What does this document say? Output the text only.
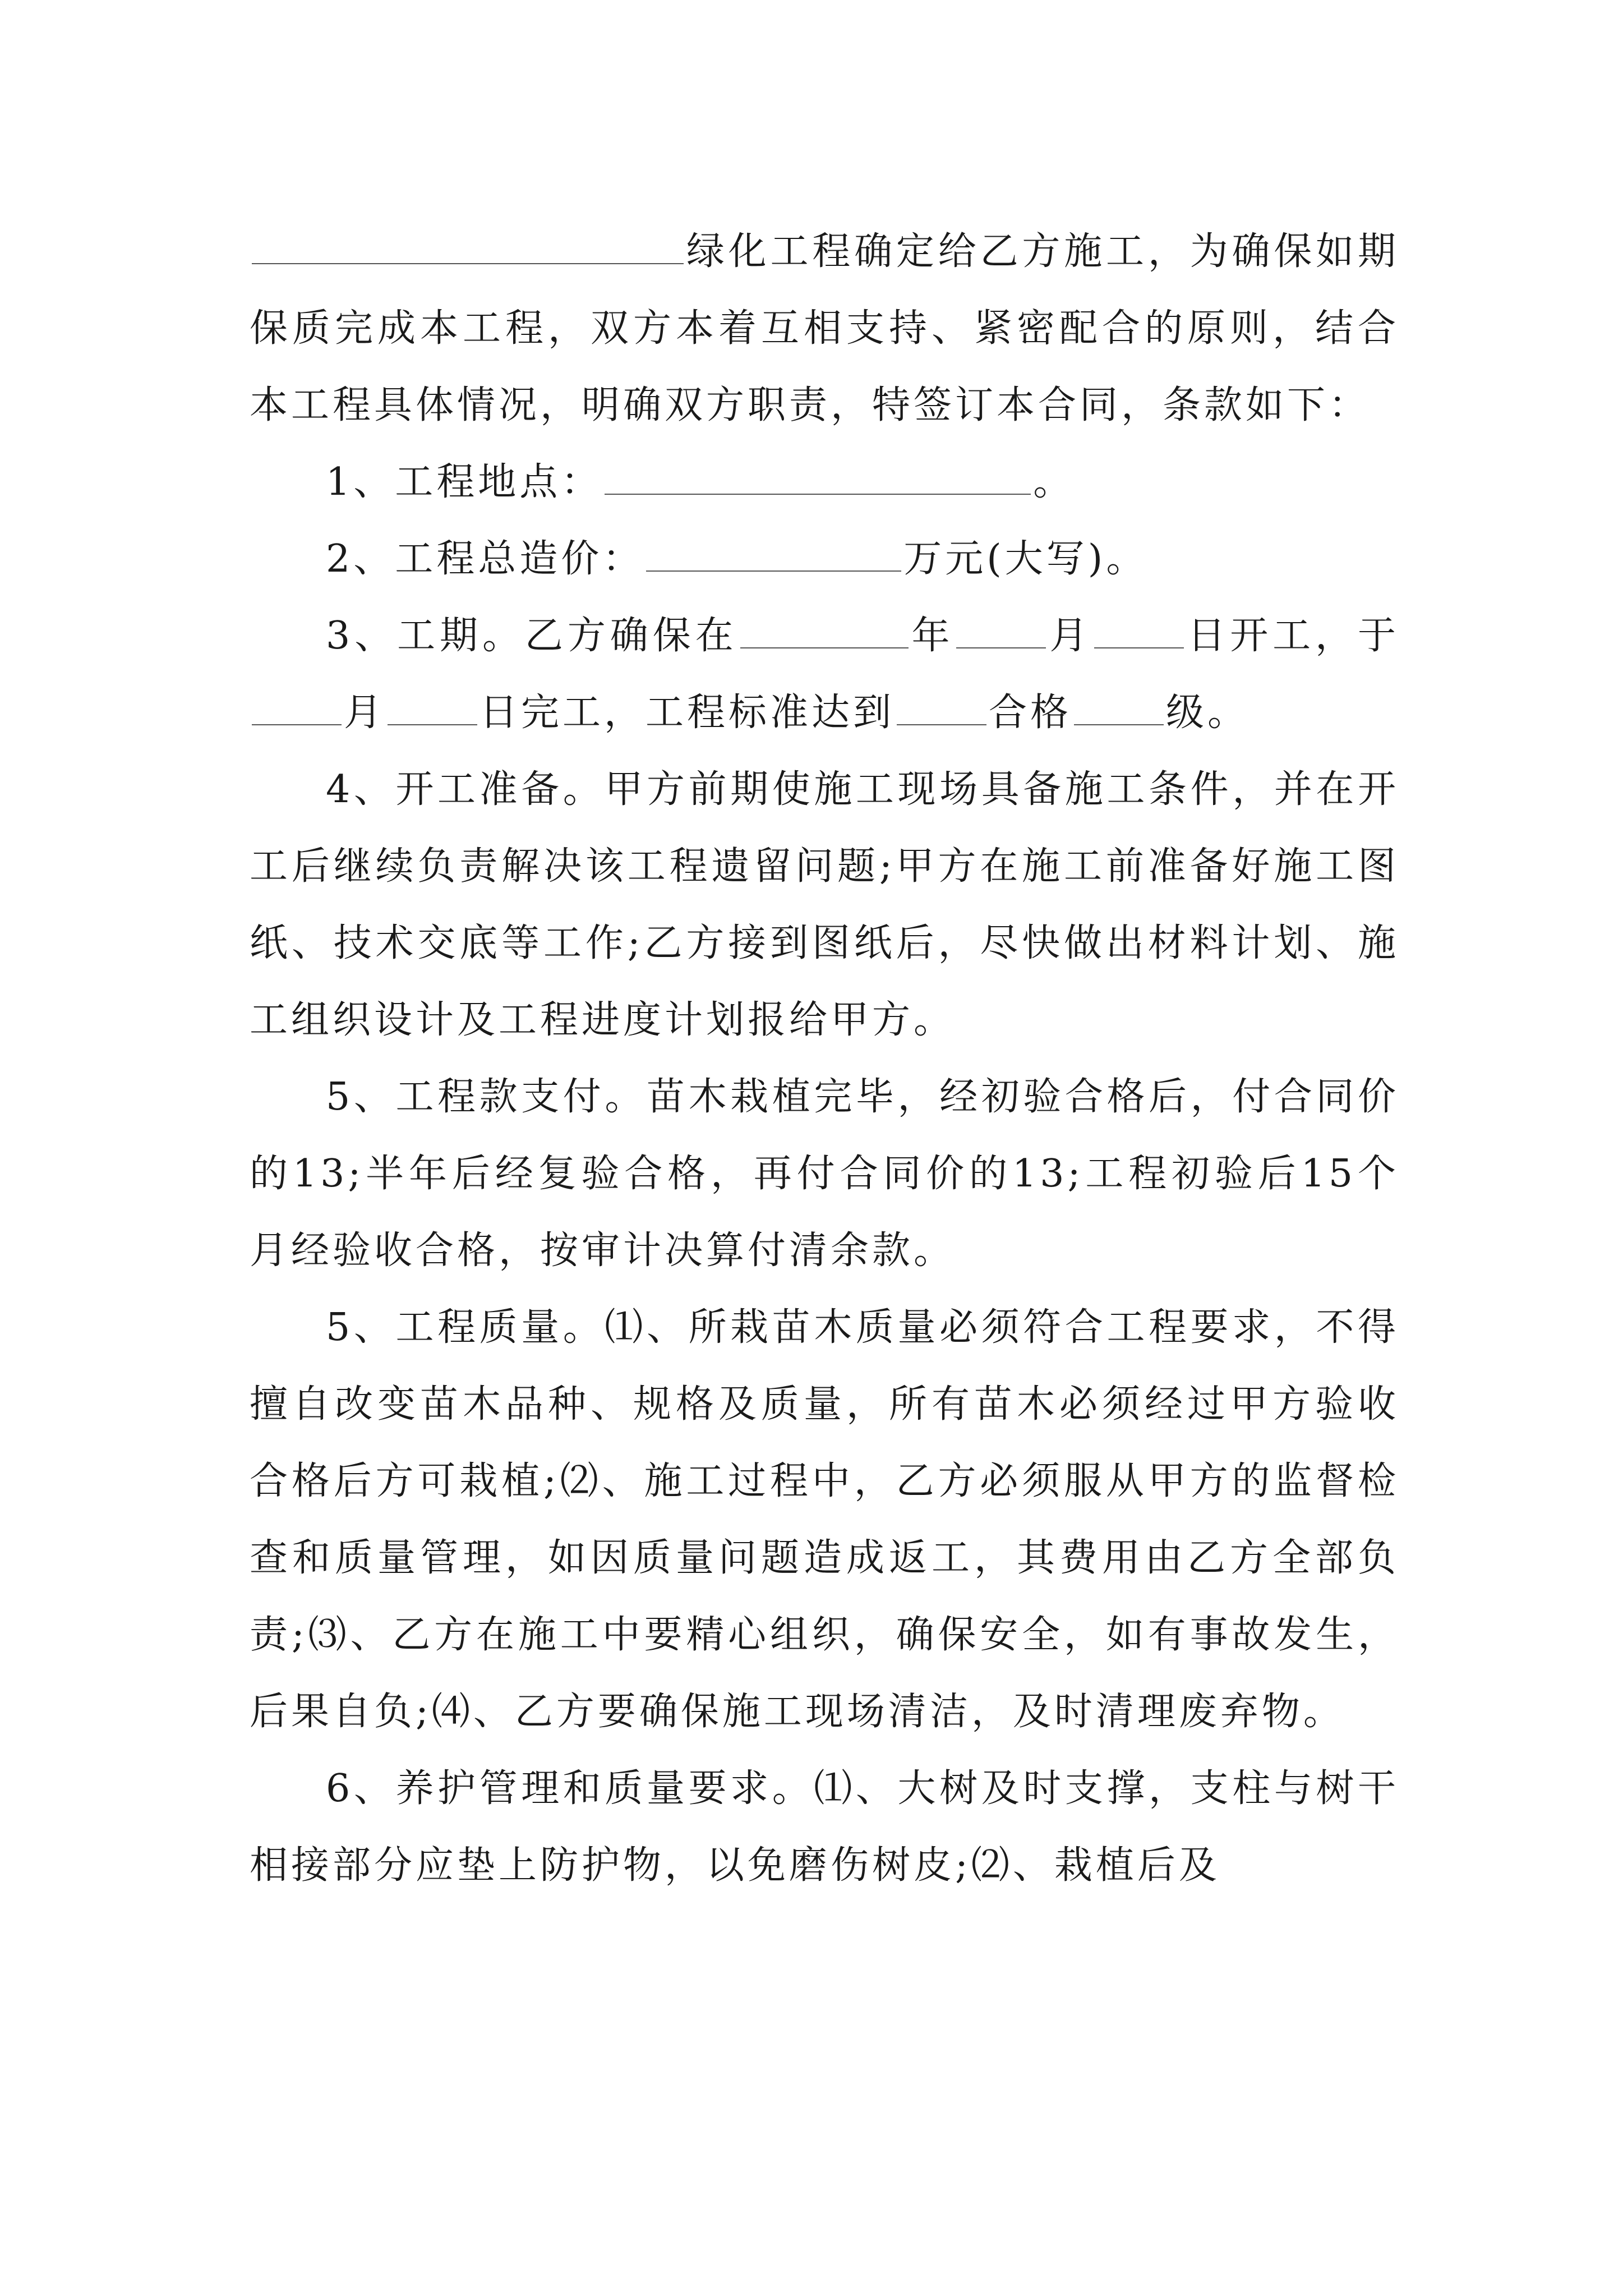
绿化工程确定给乙方施工，为确保如期保质完成本工程，双方本着互相支持、紧密配合的原则，结合本工程具体情况，明确双方职责，特签订本合同，条款如下：

1、工程地点：	。

2、工程总造价：	万元(大写)。

3、工期。乙方确保在	年 月 日开工，于月 日完工，工程标准达到 合格 级。

4、开工准备。甲方前期使施工现场具备施工条件，并在开工后继续负责解决该工程遗留问题;甲方在施工前准备好施工图纸、技术交底等工作;乙方接到图纸后，尽快做出材料计划、施工组织设计及工程进度计划报给甲方。

5、工程款支付。苗木栽植完毕，经初验合格后，付合同价的13;半年后经复验合格，再付合同价的13;工程初验后15个月经验收合格，按审计决算付清余款。

5、工程质量。⑴、所栽苗木质量必须符合工程要求，不得擅自改变苗木品种、规格及质量，所有苗木必须经过甲方验收合格后方可栽植;⑵、施工过程中，乙方必须服从甲方的监督检查和质量管理，如因质量问题造成返工，其费用由乙方全部负责;⑶、乙方在施工中要精心组织，确保安全，如有事故发生，后果自负;⑷、乙方要确保施工现场清洁，及时清理废弃物。

6、养护管理和质量要求。⑴、大树及时支撑，支柱与树干相接部分应垫上防护物，以免磨伤树皮;⑵、栽植后及
